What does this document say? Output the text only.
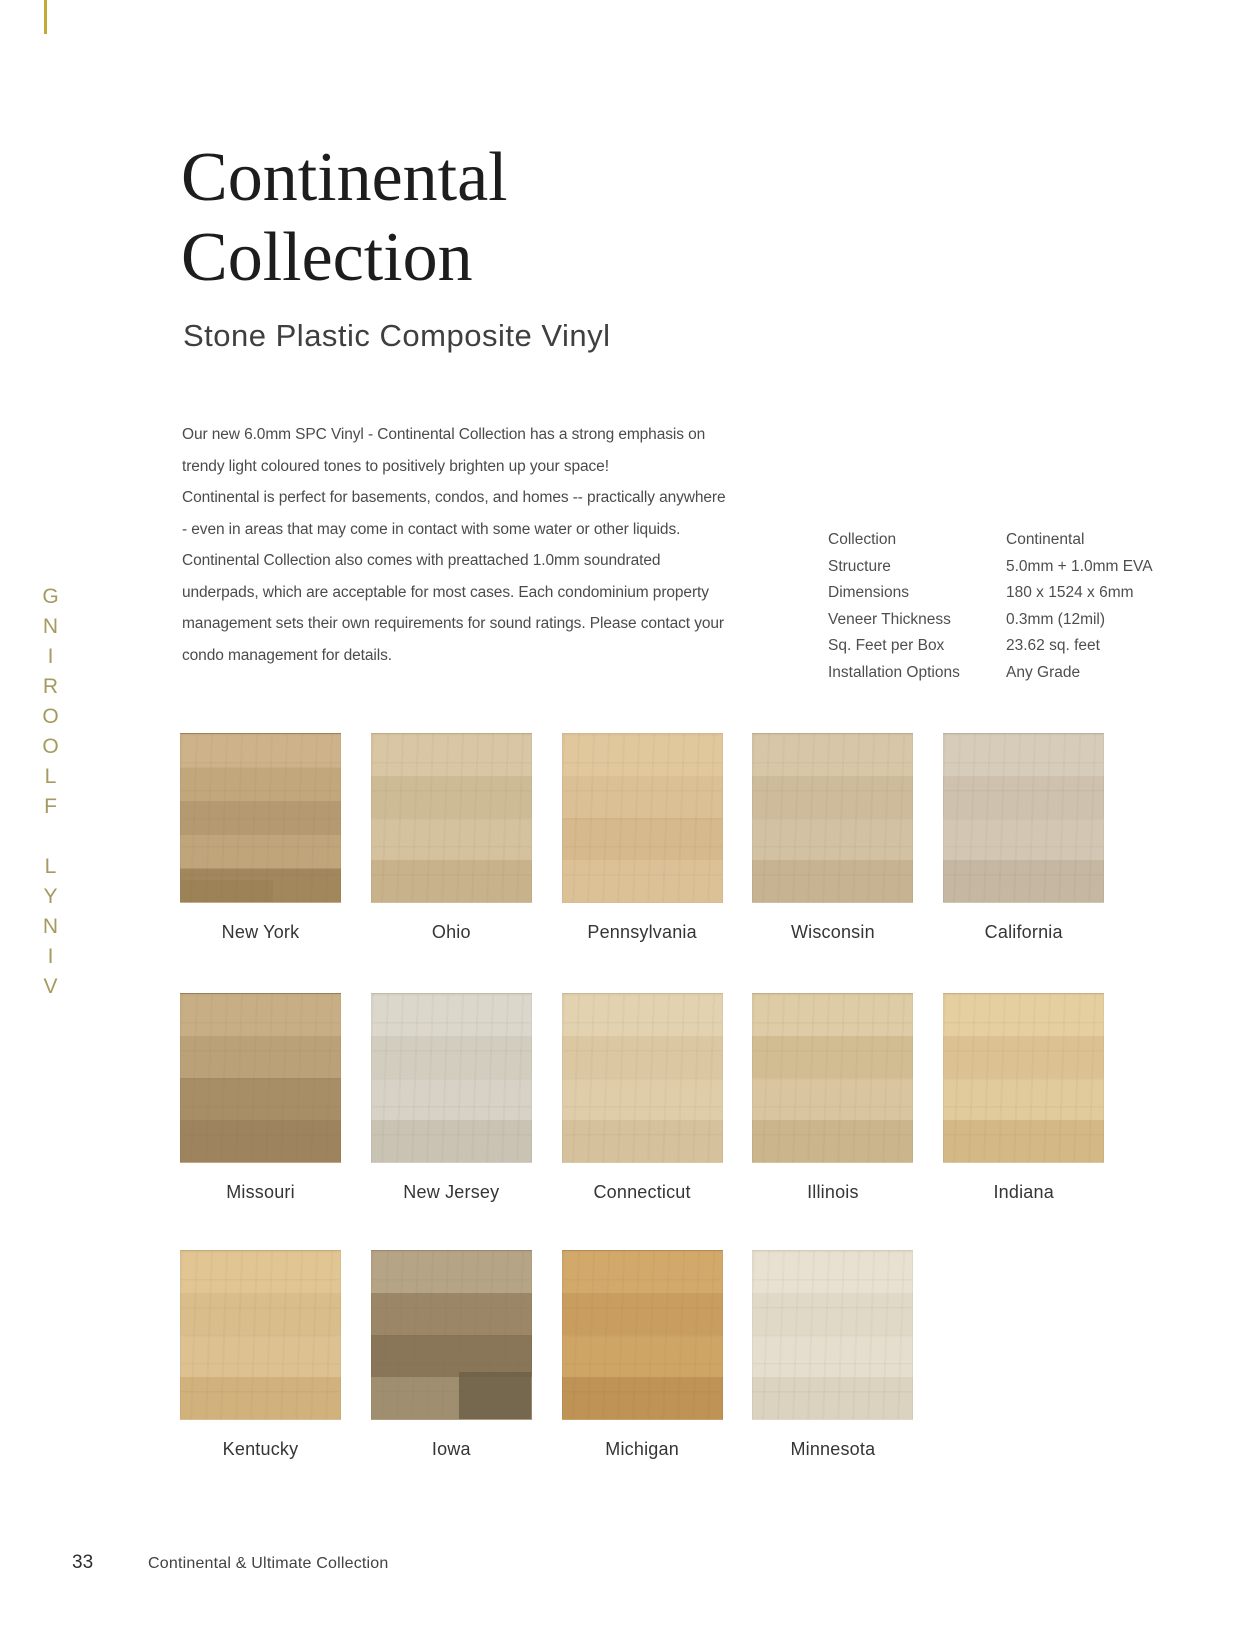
GNIROOLF LYNIV
Continental
Collection
Stone Plastic Composite Vinyl
Our new 6.0mm SPC Vinyl - Continental Collection has a strong emphasis on
trendy light coloured tones to positively brighten up your space!
Continental is perfect for basements, condos, and homes -- practically anywhere
- even in areas that may come in contact with some water or other liquids.
Continental Collection also comes with preattached 1.0mm soundrated
underpads, which are acceptable for most cases. Each condominium property
management sets their own requirements for sound ratings. Please contact your
condo management for details.
Collection	Continental
Structure	5.0mm + 1.0mm EVA
Dimensions	180 x 1524 x 6mm
Veneer Thickness	0.3mm (12mil)
Sq. Feet per Box	23.62 sq. feet
Installation Options	Any Grade
New York	Ohio	Pennsylvania	Wisconsin	California
Missouri	New Jersey	Connecticut	Illinois	Indiana
Kentucky	Iowa	Michigan	Minnesota
33	Continental & Ultimate Collection
